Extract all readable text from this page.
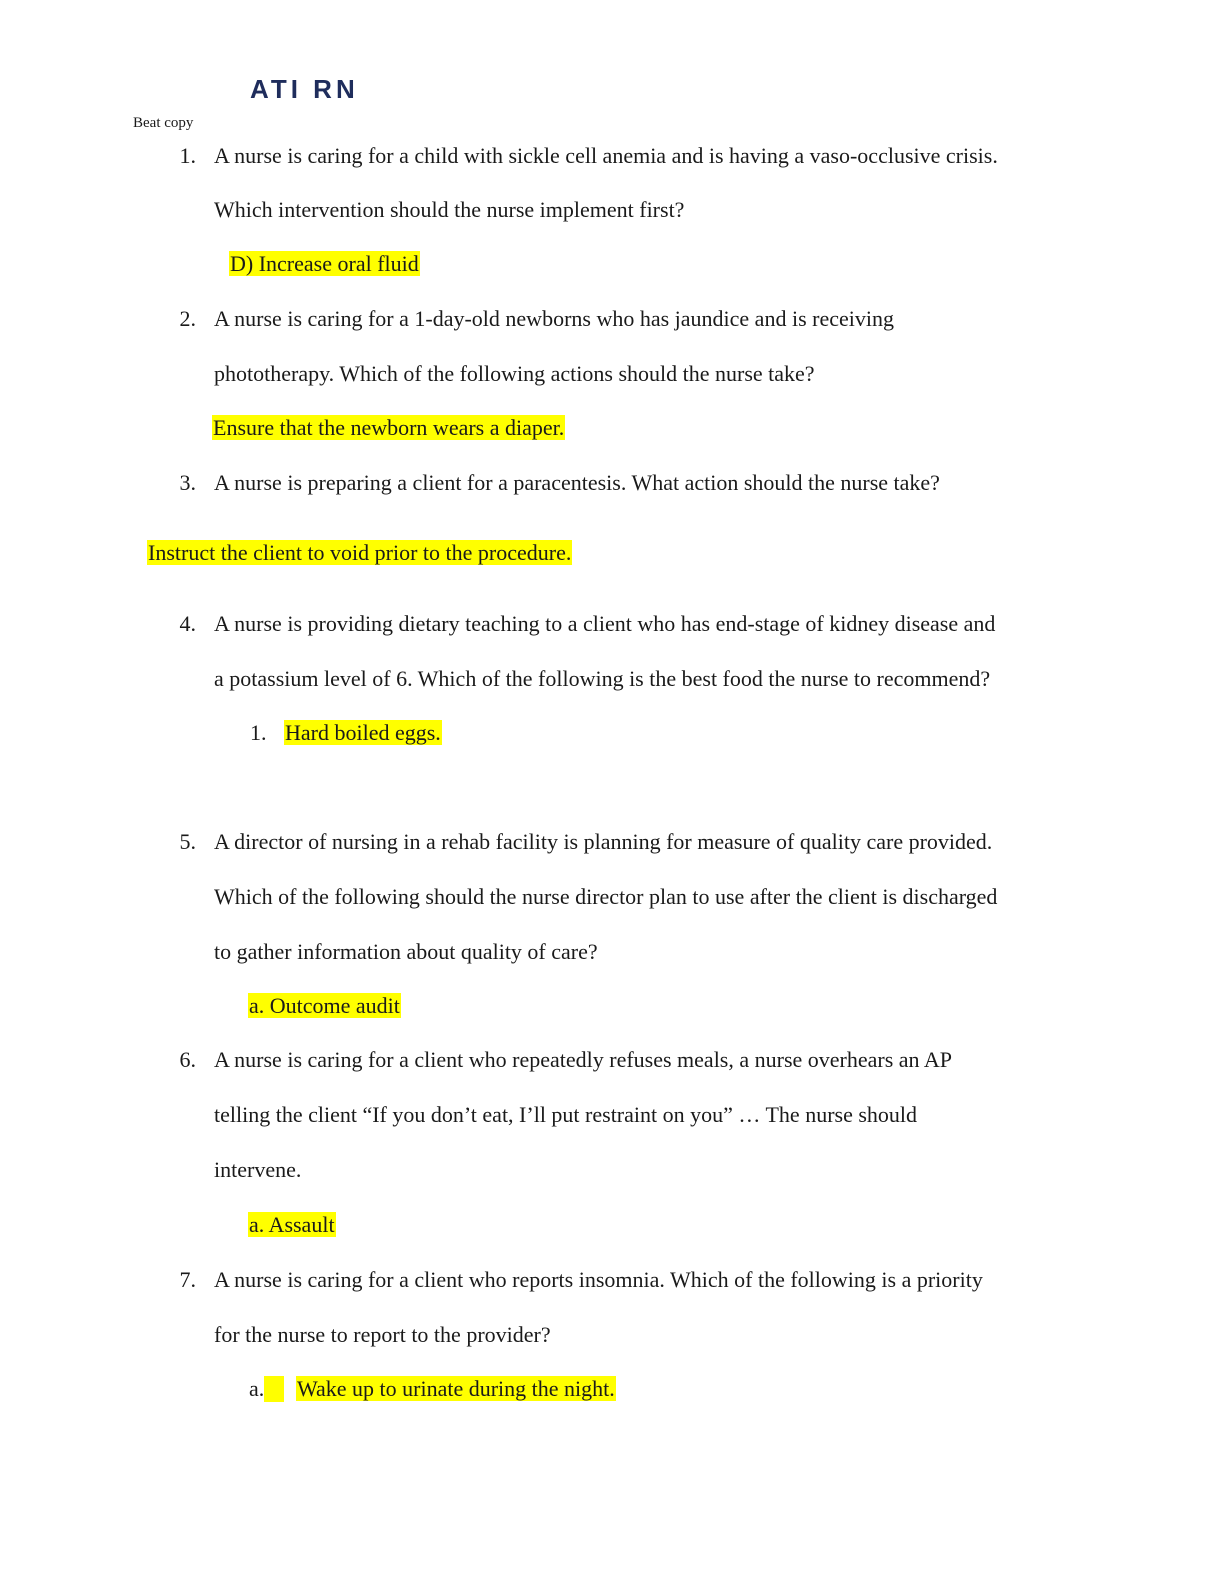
ATI RN
Beat copy
1. A nurse is caring for a child with sickle cell anemia and is having a vaso-occlusive crisis.
Which intervention should the nurse implement first?
D) Increase oral fluid
2. A nurse is caring for a 1-day-old newborns who has jaundice and is receiving
phototherapy. Which of the following actions should the nurse take?
Ensure that the newborn wears a diaper.
3. A nurse is preparing a client for a paracentesis. What action should the nurse take?
Instruct the client to void prior to the procedure.
4. A nurse is providing dietary teaching to a client who has end-stage of kidney disease and
a potassium level of 6. Which of the following is the best food the nurse to recommend?
1. Hard boiled eggs.
5. A director of nursing in a rehab facility is planning for measure of quality care provided.
Which of the following should the nurse director plan to use after the client is discharged
to gather information about quality of care?
a. Outcome audit
6. A nurse is caring for a client who repeatedly refuses meals, a nurse overhears an AP
telling the client “If you don’t eat, I’ll put restraint on you” … The nurse should
intervene.
a. Assault
7. A nurse is caring for a client who reports insomnia. Which of the following is a priority
for the nurse to report to the provider?
a.	Wake up to urinate during the night.
